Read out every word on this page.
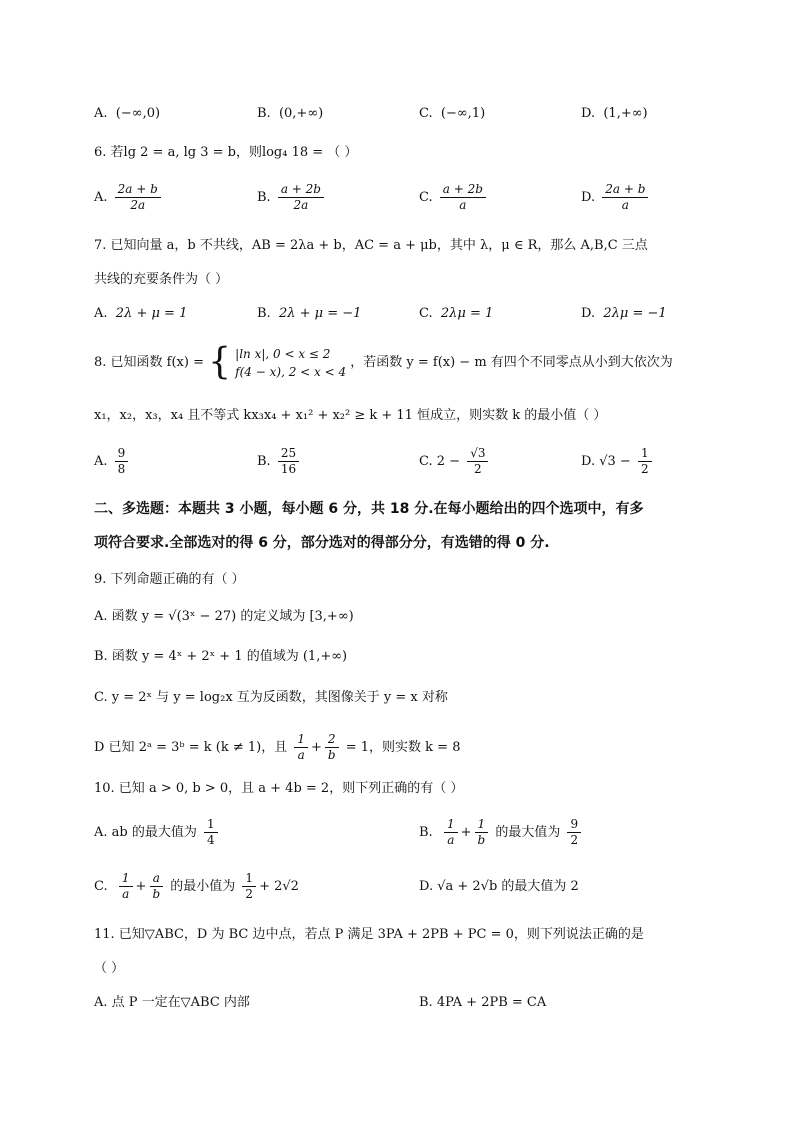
A. (−∞,0)	B. (0,+∞)	C. (−∞,1)	D. (1,+∞)
6. 若lg 2 = a, lg 3 = b，则log₄ 18 = （ ）
A. $\frac{2a + b}{2a}$	B. $\frac{a + 2b}{2a}$	C. $\frac{a + 2b}{a}$	D. $\frac{2a + b}{a}$
7. 已知向量 a，b 不共线，AB = 2λa + b，AC = a + μb，其中 λ，μ ∈ R，那么 A,B,C 三点
共线的充要条件为（ ）
A. 2λ + μ = 1	B. 2λ + μ = −1	C. 2λμ = 1	D. 2λμ = −1
8. 已知函数 f(x) = { |ln x|, 0 < x ≤ 2
f(4 − x), 2 < x < 4
，若函数 y = f(x) − m 有四个不同零点从小到大依次为
x₁，x₂，x₃，x₄ 且不等式 kx₃x₄ + x₁² + x₂² ≥ k + 11 恒成立，则实数 k 的最小值（ ）
A. $\frac{9}{8}$	B. $\frac{25}{16}$	C. $2 - \frac{√3}{2}$	D. $√3 - \frac{1}{2}$
二、多选题：本题共 3 小题，每小题 6 分，共 18 分.在每小题给出的四个选项中，有多
项符合要求.全部选对的得 6 分，部分选对的得部分分，有选错的得 0 分.
9. 下列命题正确的有（ ）
A. 函数 y = √(3ˣ − 27) 的定义域为 [3,+∞)
B. 函数 y = 4ˣ + 2ˣ + 1 的值域为 (1,+∞)
C. y = 2ˣ 与 y = log₂x 互为反函数，其图像关于 y = x 对称
D 已知 2ᵃ = 3ᵇ = k (k ≠ 1)，且 $\frac{1}{a} + \frac{2}{b} = 1$，则实数 k = 8
10. 已知 a > 0, b > 0，且 a + 4b = 2，则下列正确的有（ ）
A. ab 的最大值为 $\frac{1}{4}$	B. $\frac{1}{a} + \frac{1}{b}$ 的最大值为 $\frac{9}{2}$
C. $\frac{1}{a} + \frac{a}{b}$ 的最小值为 $\frac{1}{2} + 2√2$	D. √a + 2√b 的最大值为 2
11. 已知▽ABC，D 为 BC 边中点，若点 P 满足 3PA + 2PB + PC = 0，则下列说法正确的是
（ ）
A. 点 P 一定在▽ABC 内部	B. 4PA + 2PB = CA
